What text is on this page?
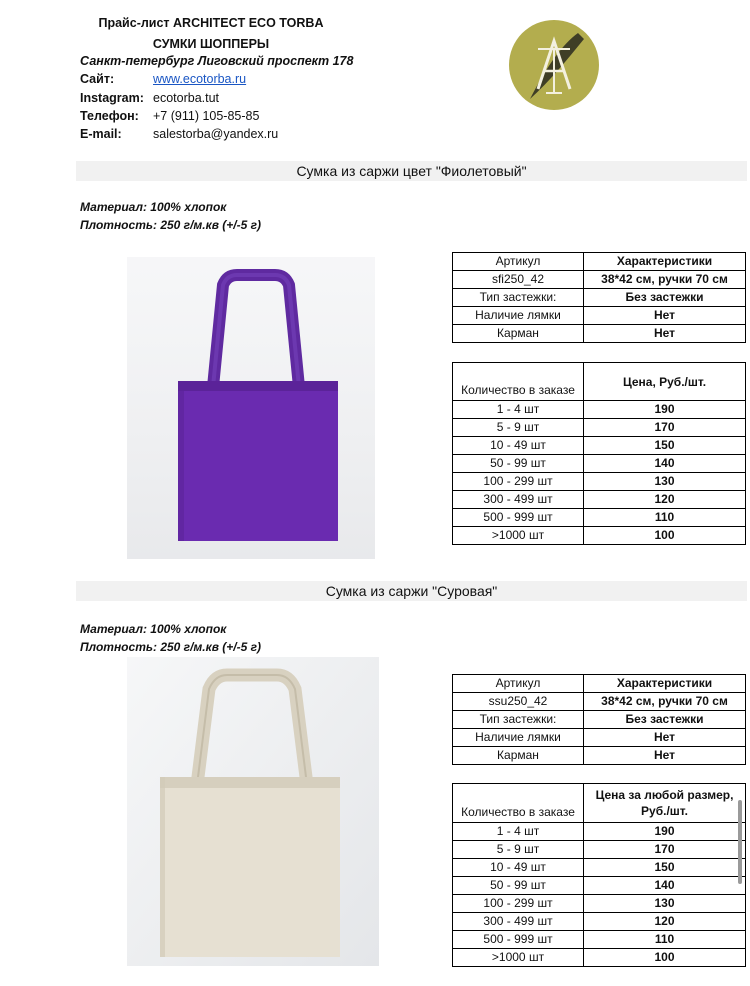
Прайс-лист ARCHITECT ECO TORBA
СУМКИ ШОППЕРЫ
Санкт-петербург Лиговский проспект 178
Сайт:	www.ecotorba.ru
Instagram: ecotorba.tut
Телефон: +7 (911) 105-85-85
E-mail:	salestorba@yandex.ru
Сумка из саржи цвет "Фиолетовый"
Материал: 100% хлопок
Плотность: 250 г/м.кв (+/-5 г)
Артикул	Характеристики
sfi250_42	38*42 см, ручки 70 см
Тип застежки:	Без застежки
Наличие лямки	Нет
Карман	Нет
Количество в заказе	Цена, Руб./шт.
1 - 4 шт	190
5 - 9 шт	170
10 - 49 шт	150
50 - 99 шт	140
100 - 299 шт	130
300 - 499 шт	120
500 - 999 шт	110
>1000 шт	100
Сумка из саржи "Суровая"
Материал: 100% хлопок
Плотность: 250 г/м.кв (+/-5 г)
Артикул	Характеристики
ssu250_42	38*42 см, ручки 70 см
Тип застежки:	Без застежки
Наличие лямки	Нет
Карман	Нет
Количество в заказе	Цена за любой размер, Руб./шт.
1 - 4 шт	190
5 - 9 шт	170
10 - 49 шт	150
50 - 99 шт	140
100 - 299 шт	130
300 - 499 шт	120
500 - 999 шт	110
>1000 шт	100
